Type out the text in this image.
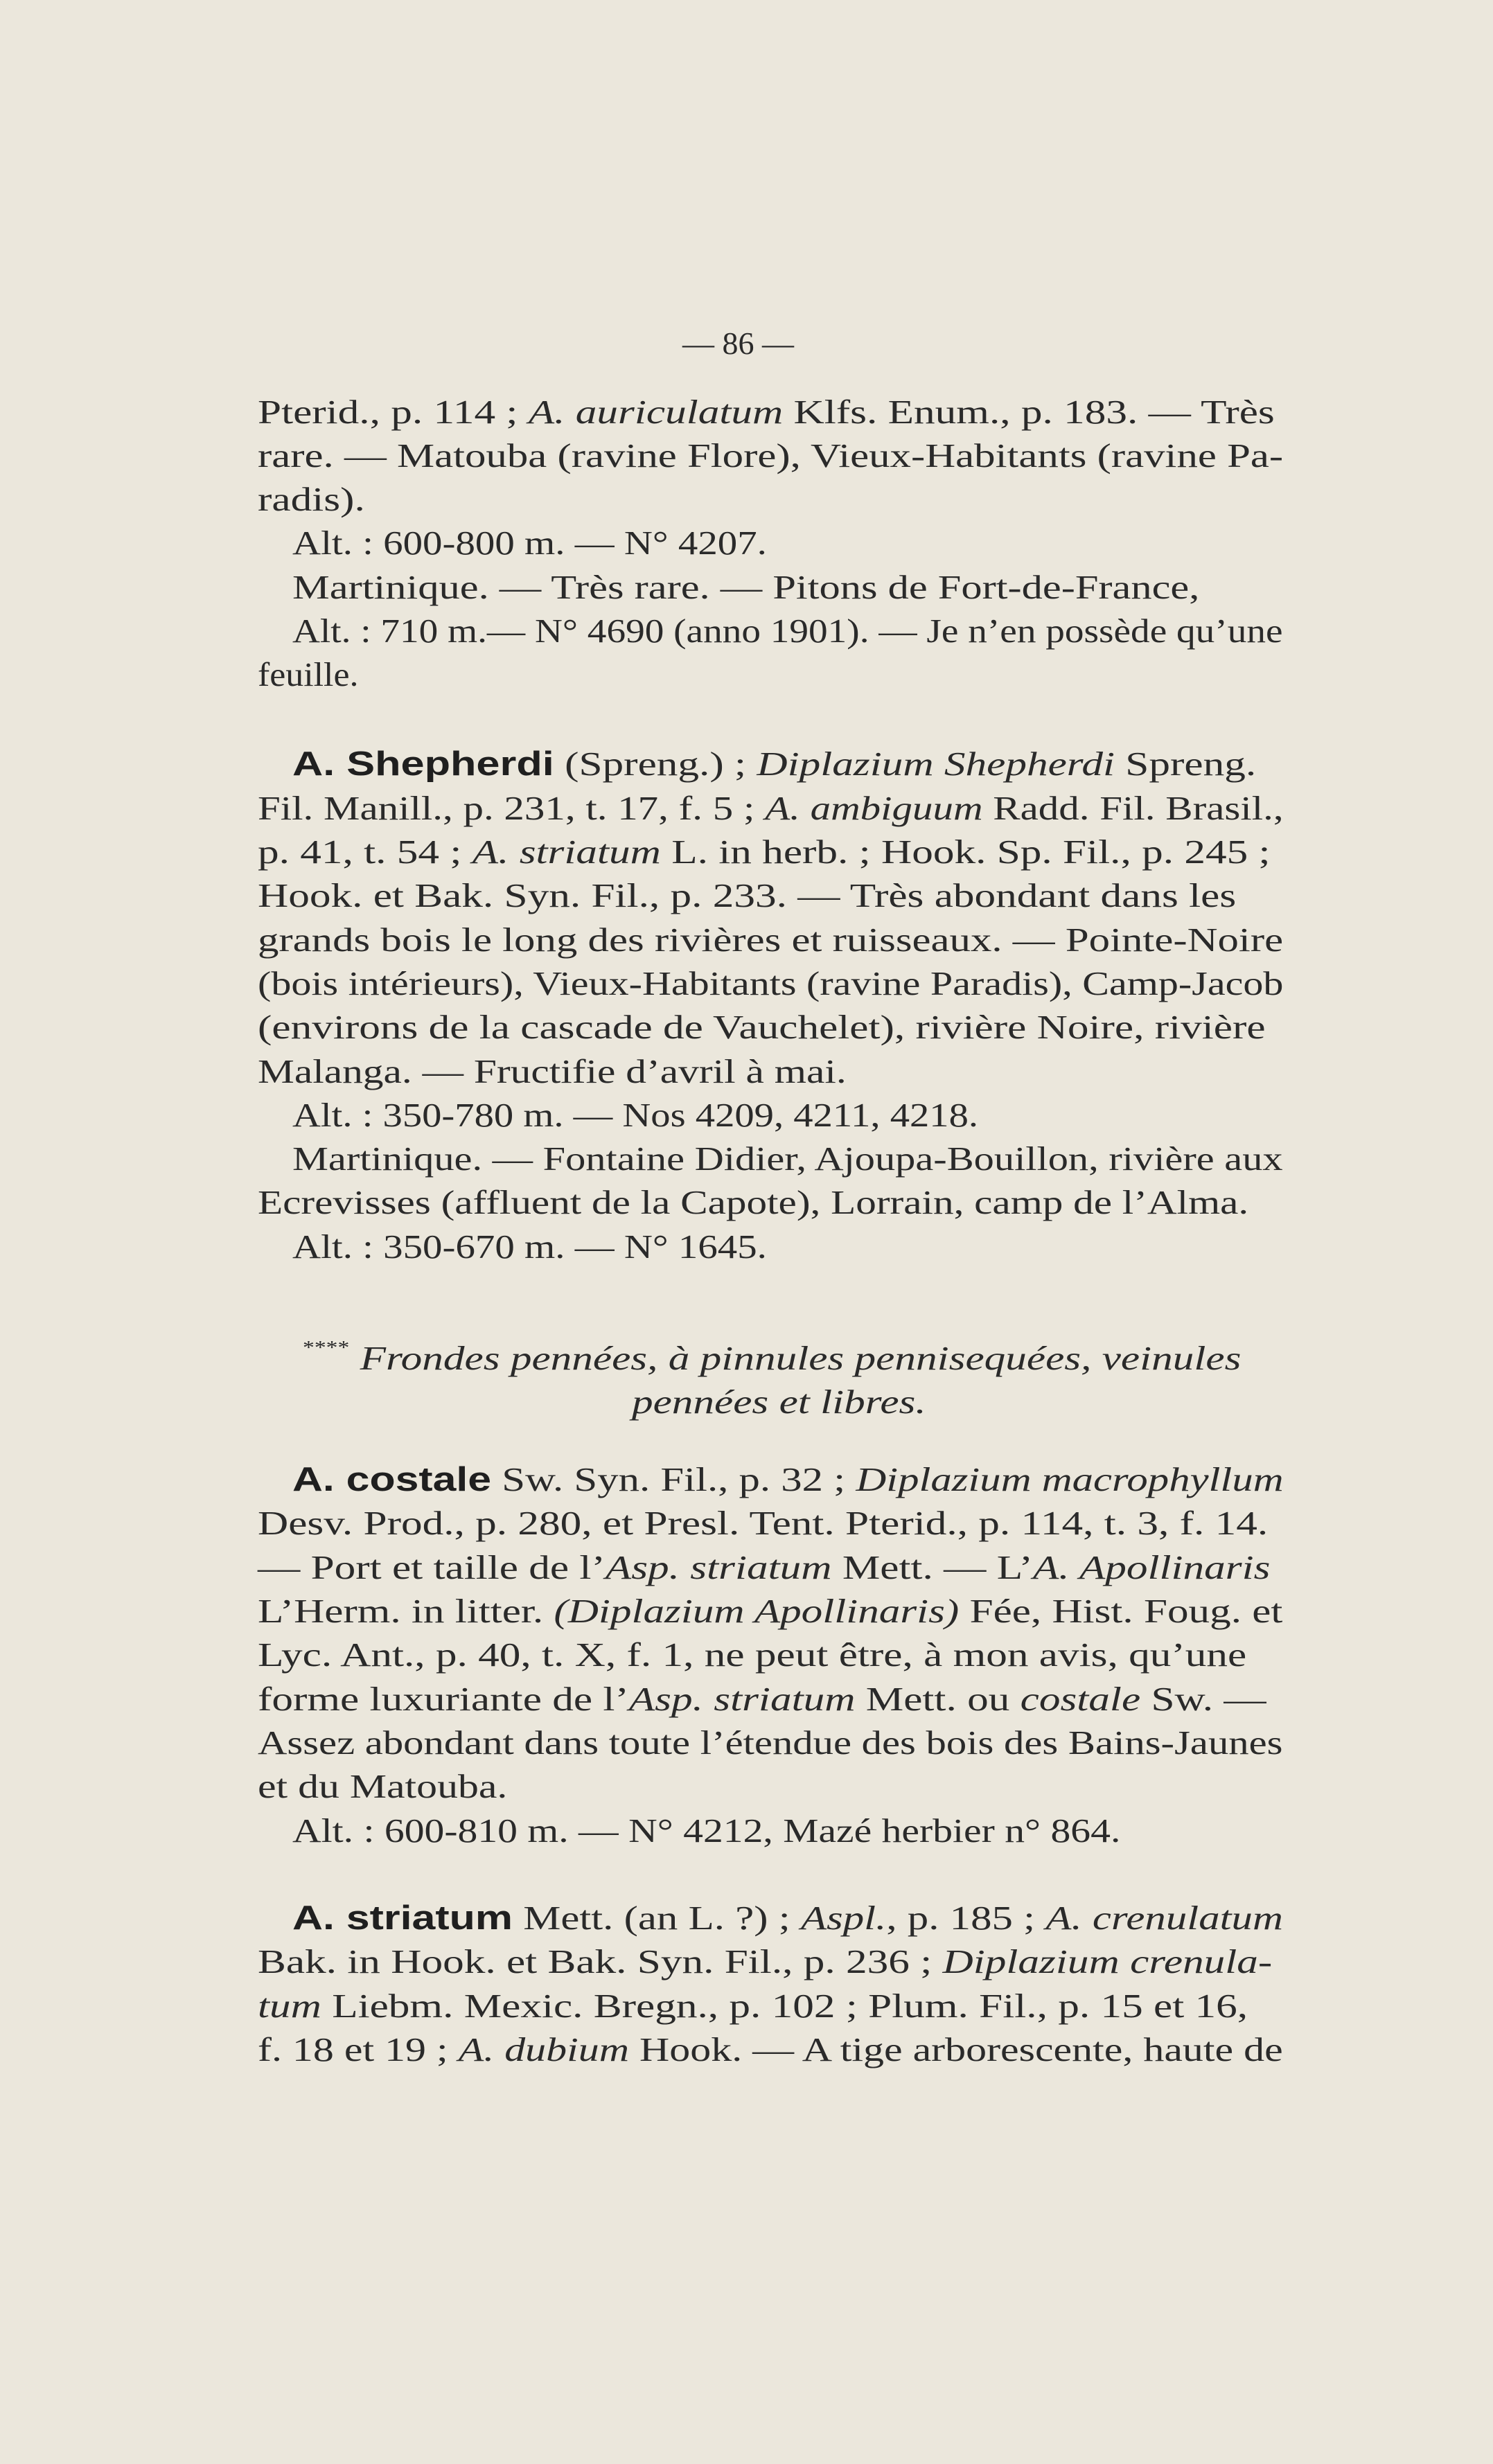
— 86 —
Pterid., p. 114 ; A. auriculatum Klfs. Enum., p. 183. — Très
rare. — Matouba (ravine Flore), Vieux-Habitants (ravine Pa-
radis).
Alt. : 600-800 m. — N° 4207.
Martinique. — Très rare. — Pitons de Fort-de-France,
Alt. : 710 m.— N° 4690 (anno 1901). — Je n’en possède qu’une
feuille.
A. Shepherdi (Spreng.) ; Diplazium Shepherdi Spreng.
Fil. Manill., p. 231, t. 17, f. 5 ; A. ambiguum Radd. Fil. Brasil.,
p. 41, t. 54 ; A. striatum L. in herb. ; Hook. Sp. Fil., p. 245 ;
Hook. et Bak. Syn. Fil., p. 233. — Très abondant dans les
grands bois le long des rivières et ruisseaux. — Pointe-Noire
(bois intérieurs), Vieux-Habitants (ravine Paradis), Camp-Jacob
(environs de la cascade de Vauchelet), rivière Noire, rivière
Malanga. — Fructifie d’avril à mai.
Alt. : 350-780 m. — Nos 4209, 4211, 4218.
Martinique. — Fontaine Didier, Ajoupa-Bouillon, rivière aux
Ecrevisses (affluent de la Capote), Lorrain, camp de l’Alma.
Alt. : 350-670 m. — N° 1645.
**** Frondes pennées, à pinnules pennisequées, veinules
pennées et libres.
A. costale Sw. Syn. Fil., p. 32 ; Diplazium macrophyllum
Desv. Prod., p. 280, et Presl. Tent. Pterid., p. 114, t. 3, f. 14.
— Port et taille de l’Asp. striatum Mett. — L’A. Apollinaris
L’Herm. in litter. (Diplazium Apollinaris) Fée, Hist. Foug. et
Lyc. Ant., p. 40, t. X, f. 1, ne peut être, à mon avis, qu’une
forme luxuriante de l’Asp. striatum Mett. ou costale Sw. —
Assez abondant dans toute l’étendue des bois des Bains-Jaunes
et du Matouba.
Alt. : 600-810 m. — N° 4212, Mazé herbier n° 864.
A. striatum Mett. (an L. ?) ; Aspl., p. 185 ; A. crenulatum
Bak. in Hook. et Bak. Syn. Fil., p. 236 ; Diplazium crenula-
tum Liebm. Mexic. Bregn., p. 102 ; Plum. Fil., p. 15 et 16,
f. 18 et 19 ; A. dubium Hook. — A tige arborescente, haute de
